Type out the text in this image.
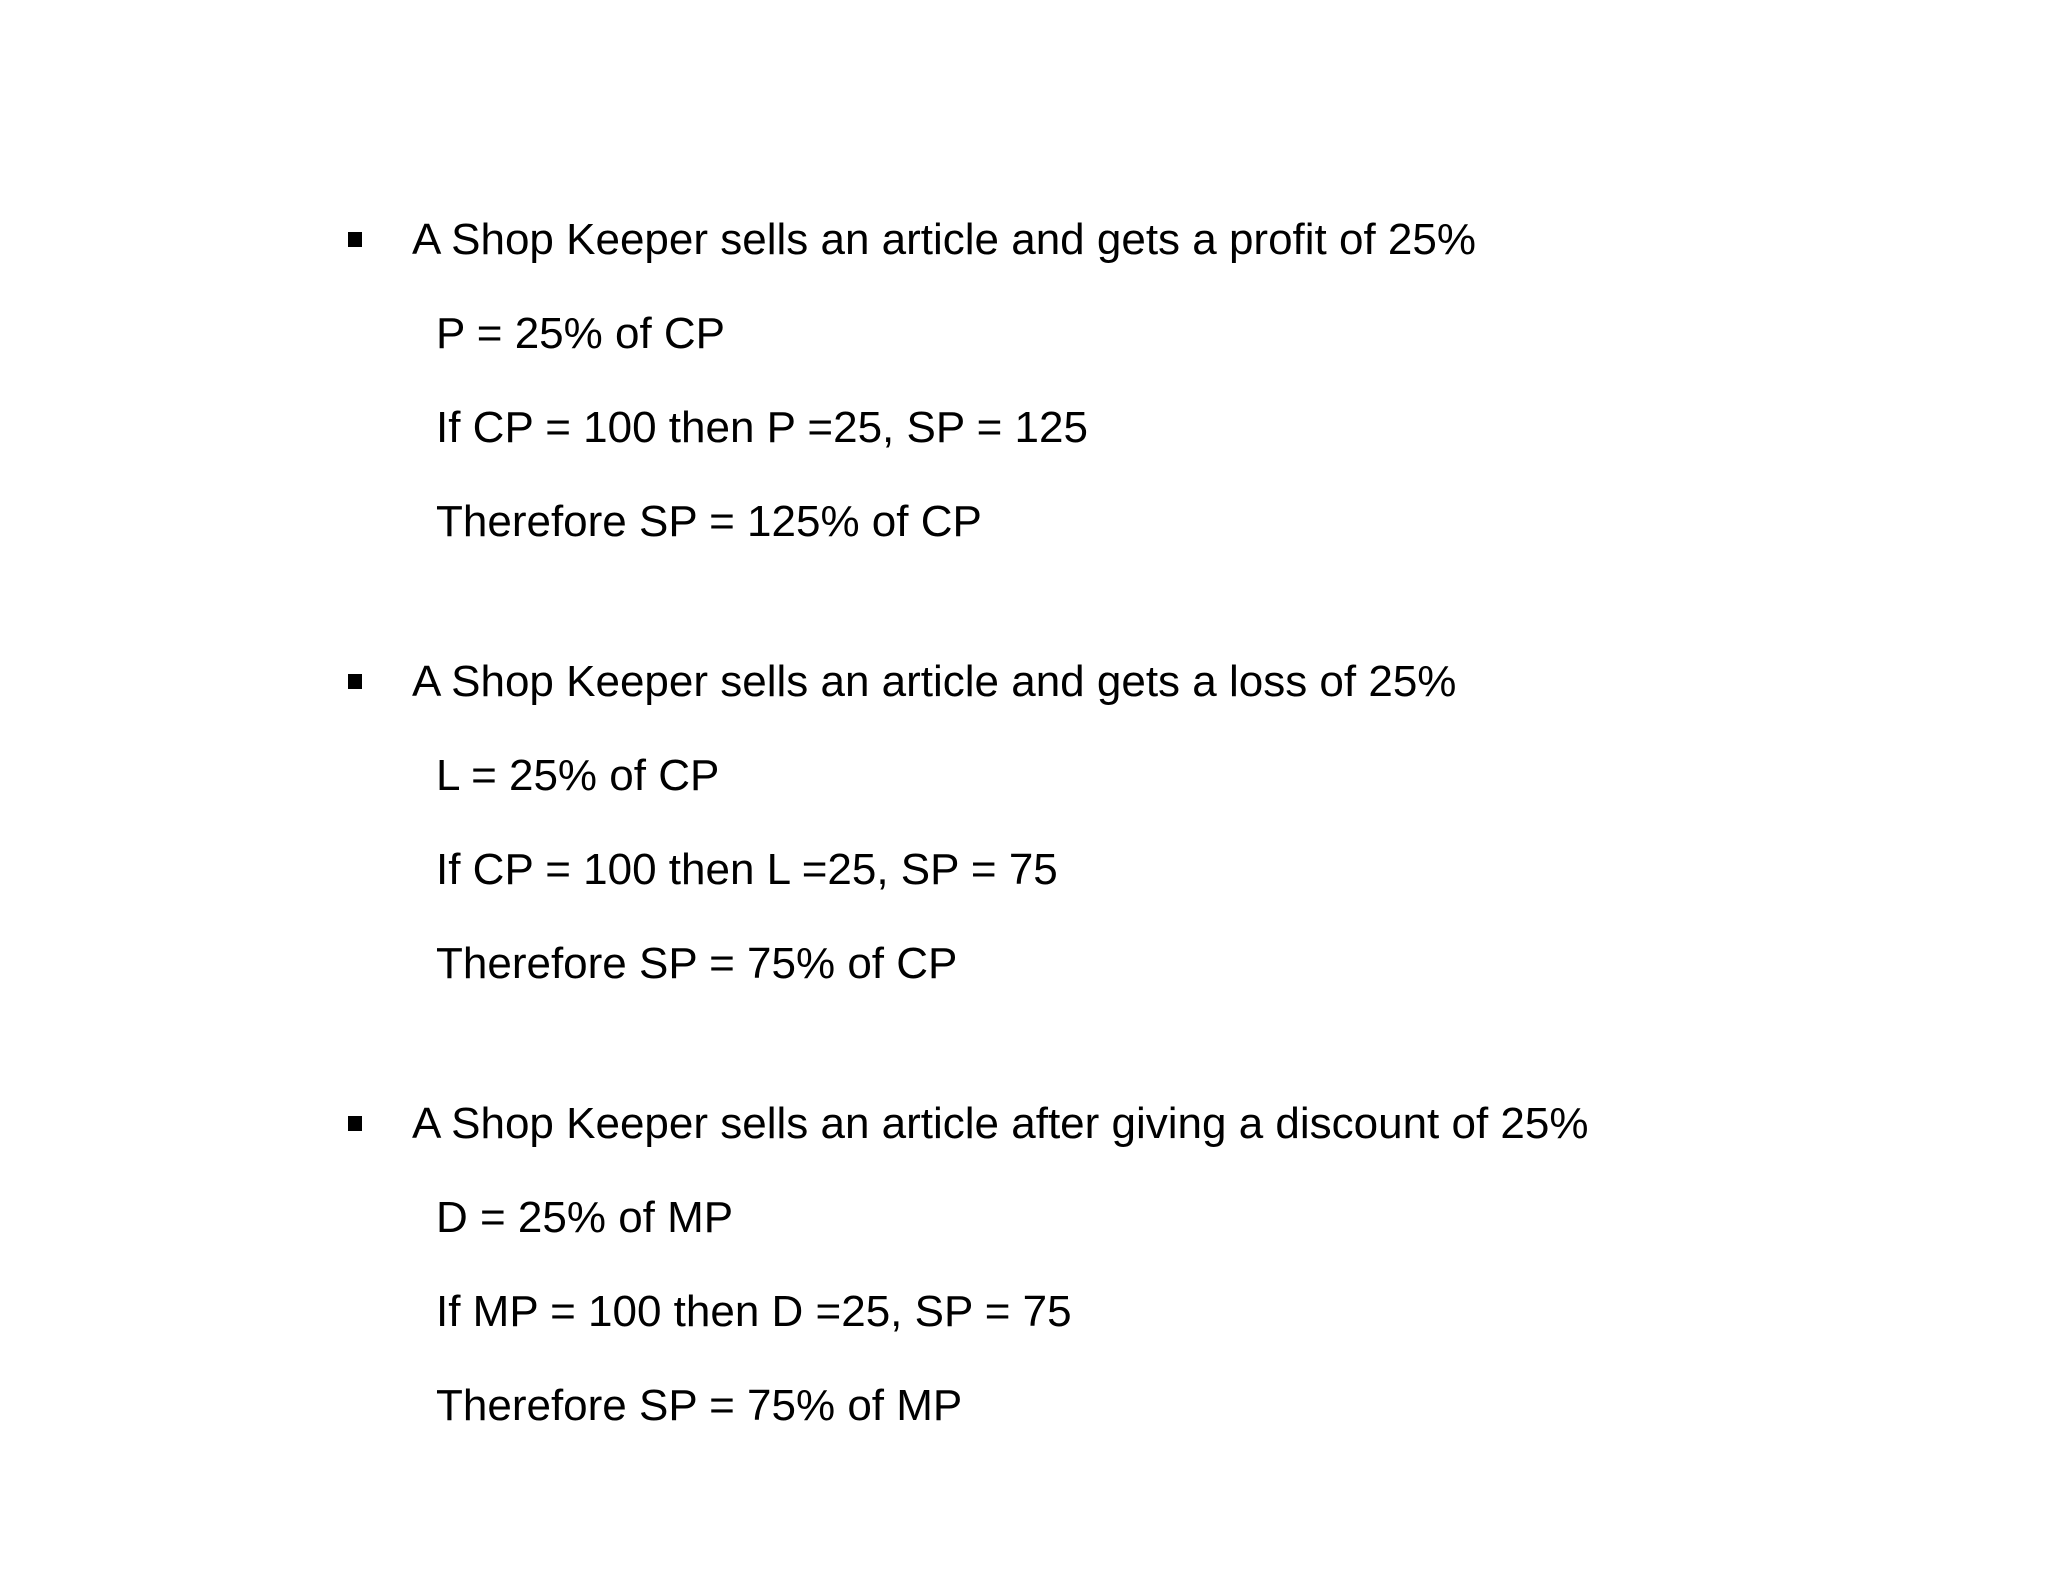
A Shop Keeper sells an article and gets a profit of 25%
P = 25% of CP
If CP = 100 then P =25, SP = 125
Therefore SP = 125% of CP
A Shop Keeper sells an article and gets a loss of 25%
L = 25% of CP
If CP = 100 then L =25, SP = 75
Therefore SP = 75% of CP
A Shop Keeper sells an article after giving a discount of 25%
D = 25% of MP
If MP = 100 then D =25, SP = 75
Therefore SP = 75% of MP
